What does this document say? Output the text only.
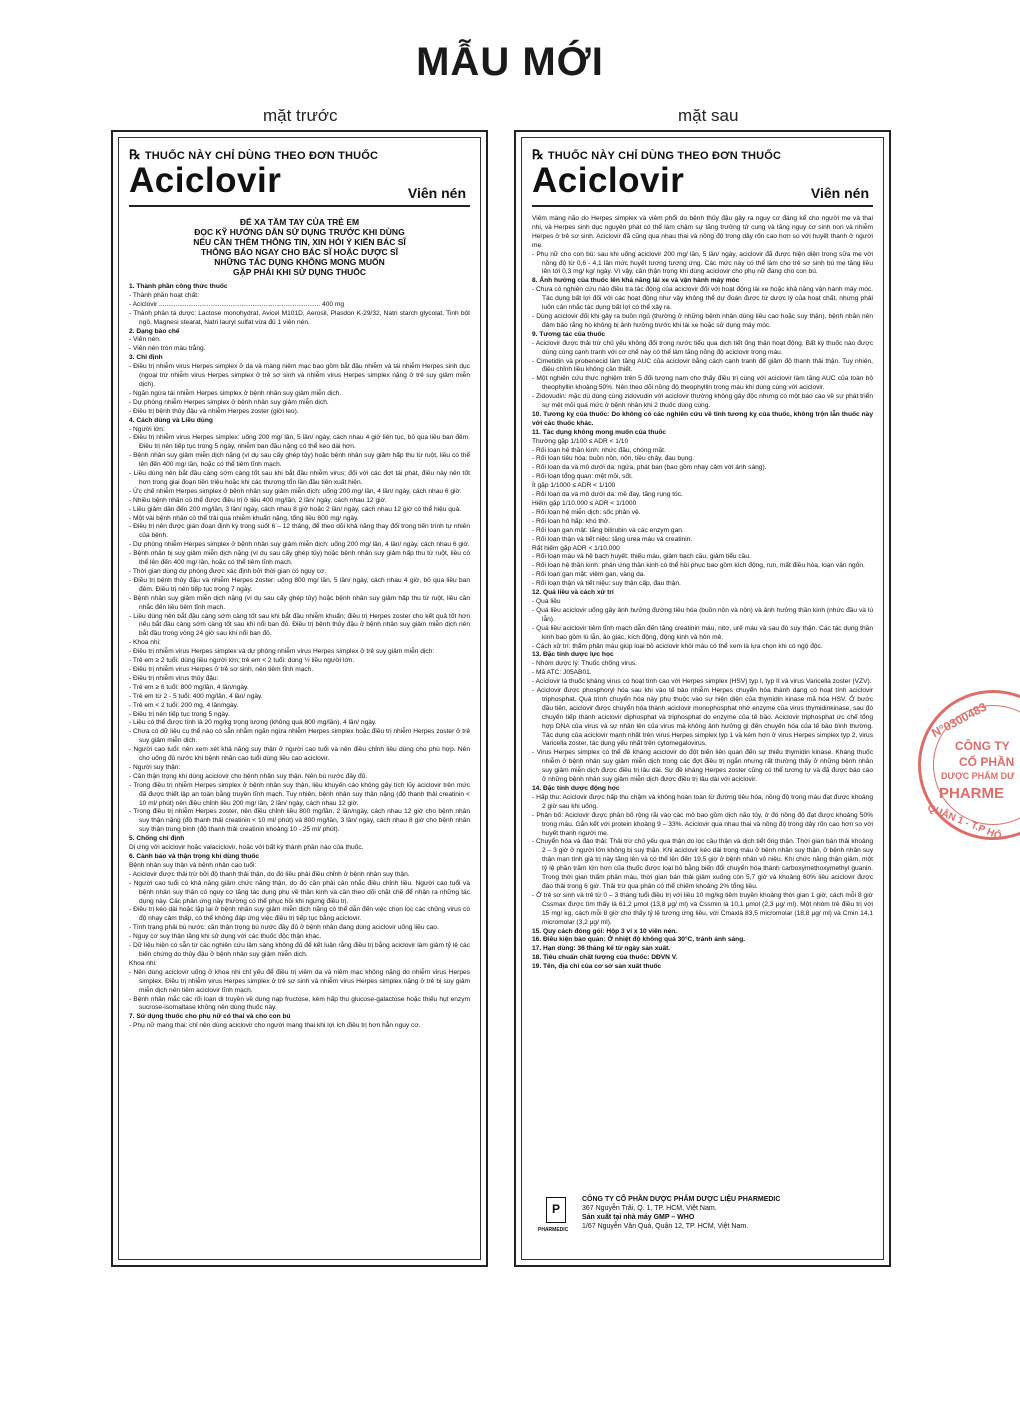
MẪU MỚI
mặt trước	mặt sau
℞ THUỐC NÀY CHỈ DÙNG THEO ĐƠN THUỐC
Aciclovir	Viên nén
ĐỂ XA TẦM TAY CỦA TRẺ EM
ĐỌC KỸ HƯỚNG DẪN SỬ DỤNG TRƯỚC KHI DÙNG
NẾU CẦN THÊM THÔNG TIN, XIN HỎI Ý KIẾN BÁC SĨ
THÔNG BÁO NGAY CHO BÁC SĨ HOẶC DƯỢC SĨ
NHỮNG TÁC DỤNG KHÔNG MONG MUỐN
GẶP PHẢI KHI SỬ DỤNG THUỐC

1. Thành phần công thức thuốc

- Thành phần hoạt chất:

- Aciclovir ........................................................................................ 400 mg

- Thành phần tá dược: Lactose monohydrat, Avicel M101D, Aerosil, Plasdon K-29/32, Natri starch glycolat, Tinh bột ngô, Magnesi stearat, Natri lauryl sulfat vừa đủ 1 viên nén.

2. Dạng bào chế

- Viên nén.

- Viên nén tròn màu trắng.

3. Chỉ định

- Điều trị nhiễm virus Herpes simplex ở da và màng niêm mạc bao gồm bắt đầu nhiễm và tái nhiễm Herpes sinh dục (ngoại trừ nhiễm virus Herpes simplex ở trẻ sơ sinh và nhiễm virus Herpes simplex nặng ở trẻ suy giảm miễn dịch).

- Ngăn ngừa tái nhiễm Herpes simplex ở bệnh nhân suy giảm miễn dịch.

- Dự phòng nhiễm Herpes simplex ở bệnh nhân suy giảm miễn dịch.

- Điều trị bệnh thủy đậu và nhiễm Herpes zoster (giời leo).

4. Cách dùng và Liều dùng

- Người lớn:

- Điều trị nhiễm virus Herpes simplex: uống 200 mg/ lần, 5 lần/ ngày, cách nhau 4 giờ liên tục, bỏ qua liều ban đêm. Điều trị nên tiếp tục trong 5 ngày, nhiễm ban đầu nặng có thể kéo dài hơn.

- Bệnh nhân suy giảm miễn dịch nặng (ví dụ sau cấy ghép tủy) hoặc bệnh nhân suy giảm hấp thu từ ruột, liều có thể lên đến 400 mg/ lần, hoặc có thể tiêm tĩnh mạch.

- Liều dùng nên bắt đầu càng sớm càng tốt sau khi bắt đầu nhiễm virus; đối với các đợt tái phát, điều này nên tốt hơn trong giai đoạn tiền triệu hoặc khi các thương tổn lần đầu tiên xuất hiện.

- Ức chế nhiễm Herpes simplex ở bệnh nhân suy giảm miễn dịch: uống 200 mg/ lần, 4 lần/ ngày, cách nhau 6 giờ.

- Nhiều bệnh nhân có thể được điều trị ở liều 400 mg/lần, 2 lần/ ngày, cách nhau 12 giờ.

- Liều giảm dần đến 200 mg/lần, 3 lần/ ngày, cách nhau 8 giờ hoặc 2 lần/ ngày, cách nhau 12 giờ có thể hiệu quả.

- Một vài bệnh nhân có thể trải qua nhiễm khuẩn nặng, tổng liều 800 mg/ ngày.

- Điều trị nên được gián đoạn định kỳ trong suốt 6 – 12 tháng, để theo dõi khả năng thay đổi trong tiến trình tự nhiên của bệnh.

- Dự phòng nhiễm Herpes simplex ở bệnh nhân suy giảm miễn dịch: uống 200 mg/ lần, 4 lần/ ngày, cách nhau 6 giờ.

- Bệnh nhân bị suy giảm miễn dịch nặng (ví dụ sau cấy ghép tủy) hoặc bệnh nhân suy giảm hấp thu từ ruột, liều có thể lên đến 400 mg/ lần, hoặc có thể tiêm tĩnh mạch.

- Thời gian dùng dự phòng được xác định bởi thời gian có nguy cơ.

- Điều trị bệnh thủy đậu và nhiễm Herpes zoster: uống 800 mg/ lần, 5 lần/ ngày, cách nhau 4 giờ, bỏ qua liều ban đêm. Điều trị nên tiếp tục trong 7 ngày.

- Bệnh nhân suy giảm miễn dịch nặng (ví dụ sau cấy ghép tủy) hoặc bệnh nhân suy giảm hấp thu từ ruột, liều cần nhắc đến liều tiêm tĩnh mạch.

- Liều dùng nên bắt đầu càng sớm càng tốt sau khi bắt đầu nhiễm khuẩn; điều trị Herpes zoster cho kết quả tốt hơn nếu bắt đầu càng sớm càng tốt sau khi nổi ban đỏ. Điều trị bệnh thủy đậu ở bệnh nhân suy giảm miễn dịch nên bắt đầu trong vòng 24 giờ sau khi nổi ban đỏ.

- Khoa nhi:

- Điều trị nhiễm virus Herpes simplex và dự phòng nhiễm virus Herpes simplex ở trẻ suy giảm miễn dịch:

- Trẻ em ≥ 2 tuổi: dùng liều người lớn; trẻ em < 2 tuổi: dùng ½ liều người lớn.

- Điều trị nhiễm virus Herpes ở trẻ sơ sinh, nên tiêm tĩnh mạch.

- Điều trị nhiễm virus thủy đậu:

- Trẻ em ≥ 6 tuổi: 800 mg/lần, 4 lần/ngày.

- Trẻ em từ 2 - 5 tuổi: 400 mg/lần, 4 lần/ ngày.

- Trẻ em < 2 tuổi: 200 mg, 4 lần/ngày.

- Điều trị nên tiếp tục trong 5 ngày.

- Liều có thể được tính là 20 mg/kg trọng lượng (không quá 800 mg/lần), 4 lần/ ngày.

- Chưa có dữ liệu cụ thể nào có sẵn nhằm ngăn ngừa nhiễm Herpes simplex hoặc điều trị nhiễm Herpes zoster ở trẻ suy giảm miễn dịch.

- Người cao tuổi: nên xem xét khả năng suy thận ở người cao tuổi và nên điều chỉnh liều dùng cho phù hợp. Nên cho uống đủ nước khi bệnh nhân cao tuổi dùng liều cao aciclovir.

- Người suy thận:

- Cần thận trọng khi dùng aciclovir cho bệnh nhân suy thận. Nên bù nước đầy đủ.

- Trong điều trị nhiễm Herpes simplex ở bệnh nhân suy thận, liều khuyến cáo không gây tích lũy aciclovir trên mức đã được thiết lập an toàn bằng truyền tĩnh mạch. Tuy nhiên, bệnh nhân suy thận nặng (độ thanh thải creatinin < 10 ml/ phút) nên điều chỉnh liều 200 mg/ lần, 2 lần/ ngày, cách nhau 12 giờ.

- Trong điều trị nhiễm Herpes zoster, nên điều chỉnh liều 800 mg/lần, 2 lần/ngày, cách nhau 12 giờ cho bệnh nhân suy thận nặng (độ thanh thải creatinin < 10 ml/ phút) và 800 mg/lần, 3 lần/ ngày, cách nhau 8 giờ cho bệnh nhân suy thận trung bình (độ thanh thải creatinin khoảng 10 - 25 ml/ phút).

5. Chống chỉ định

Dị ứng với aciclovir hoặc valaciclovir, hoặc với bất kỳ thành phần nào của thuốc.

6. Cảnh báo và thận trọng khi dùng thuốc

Bệnh nhân suy thận và bệnh nhân cao tuổi:

- Aciclovir được thải trừ bởi độ thanh thải thận, do đó liều phải điều chỉnh ở bệnh nhân suy thận.

- Người cao tuổi có khả năng giảm chức năng thận, do đó cần phải cân nhắc điều chỉnh liều. Người cao tuổi và bệnh nhân suy thận có nguy cơ tăng tác dụng phụ về thần kinh và cần theo dõi chặt chẽ để nhận ra những tác dụng này. Các phản ứng này thường có thể phục hồi khi ngưng điều trị.

- Điều trị kéo dài hoặc lặp lại ở bệnh nhân suy giảm miễn dịch nặng có thể dẫn đến việc chọn lọc các chủng virus có độ nhạy cảm thấp, có thể không đáp ứng việc điều trị tiếp tục bằng aciclovir.

- Tình trạng phải bù nước: cần thận trọng bù nước đầy đủ ở bệnh nhân đang dùng aciclovir uống liều cao.

- Nguy cơ suy thận tăng khi sử dụng với các thuốc độc thận khác.

- Dữ liệu hiện có sẵn từ các nghiên cứu lâm sàng không đủ để kết luận rằng điều trị bằng aciclovir làm giảm tỷ lệ các biến chứng do thủy đậu ở bệnh nhân suy giảm miễn dịch.

Khoa nhi:

- Nên dùng aciclovir uống ở khoa nhi chỉ yếu để điều trị viêm da và niêm mạc không nặng do nhiễm virus Herpes simplex. Điều trị nhiễm virus Herpes simplex ở trẻ sơ sinh và nhiễm virus Herpes simplex nặng ở trẻ bị suy giảm miễn dịch nên tiêm aciclovir tĩnh mạch.

- Bệnh nhân mắc các rối loạn di truyền về dung nạp fructose, kém hấp thu glucose-galactose hoặc thiếu hụt enzym sucrose-isomaltase không nên dùng thuốc này.

7. Sử dụng thuốc cho phụ nữ có thai và cho con bú

- Phụ nữ mang thai: chỉ nên dùng aciclovir cho người mang thai khi lợi ích điều trị hơn hẳn nguy cơ.

℞ THUỐC NÀY CHỈ DÙNG THEO ĐƠN THUỐC
Aciclovir	Viên nén

Viêm màng não do Herpes simplex và viêm phổi do bệnh thủy đậu gây ra nguy cơ đáng kể cho người mẹ và thai nhi, và Herpes sinh dục nguyên phát có thể làm chậm sự tăng trưởng tử cung và tăng nguy cơ sinh non và nhiễm Herpes ở trẻ sơ sinh. Aciclovir đã cũng qua nhau thai và nồng độ trong dây rốn cao hơn so với huyết thanh ở người mẹ.

- Phụ nữ cho con bú: sau khi uống aciclovir 200 mg/ lần, 5 lần/ ngày, aciclovir đã được hiện diện trong sữa mẹ với nồng độ từ 0,6 - 4,1 lần mức huyết tương tương ứng. Các mức này có thể làm cho trẻ sơ sinh bú mẹ tăng liều lên tới 0,3 mg/ kg/ ngày. Vì vậy, cần thận trọng khi dùng aciclovir cho phụ nữ đang cho con bú.

8. Ảnh hưởng của thuốc lên khả năng lái xe và vận hành máy móc

- Chưa có nghiên cứu nào điều tra tác động của aciclovir đối với hoạt động lái xe hoặc khả năng vận hành máy móc. Tác dụng bất lợi đối với các hoạt động như vậy không thể dự đoán được từ dược lý của hoạt chất, nhưng phải luôn cân nhắc tác dụng bất lợi có thể xảy ra.

- Dùng aciclovir đối khi gây ra buồn ngủ (thường ở những bệnh nhân dùng liều cao hoặc suy thận), bệnh nhân nên đảm bảo rằng họ không bị ảnh hưởng trước khi lái xe hoặc sử dụng máy móc.

9. Tương tác của thuốc

- Aciclovir được thải trừ chủ yếu không đổi trong nước tiểu qua dịch tiết ống thận hoạt động. Bất kỳ thuốc nào được dùng cùng cạnh tranh với cơ chế này có thể làm tăng nồng độ aciclovir trong máu.

- Cimetidin và probenecid làm tăng AUC của aciclovir bằng cách cạnh tranh để giảm độ thanh thải thận. Tuy nhiên, điều chỉnh liều không cần thiết.

- Một nghiên cứu thực nghiệm trên 5 đối tượng nam cho thấy điều trị cùng với aciclovir làm tăng AUC của toàn bộ theophyllin khoảng 50%. Nên theo dõi nồng độ theophyllin trong máu khi dùng cùng với aciclovir.

- Zidovudin: mặc dù dùng cùng zidovudin với aciclovir thường không gây độc nhưng có một báo cáo về sự phát triển sự mệt mỏi quá mức ở bệnh nhân khi 2 thuốc dùng cùng.

10. Tương kỵ của thuốc: Do không có các nghiên cứu về tính tương kỵ của thuốc, không trộn lẫn thuốc này với các thuốc khác.

11. Tác dụng không mong muốn của thuốc

Thường gặp 1/100 ≤ ADR < 1/10

- Rối loạn hệ thần kinh: nhức đầu, chóng mặt.

- Rối loạn tiêu hóa: buồn nôn, nôn, tiêu chảy, đau bụng.

- Rối loạn da và mô dưới da: ngứa, phát ban (bao gồm nhạy cảm với ánh sáng).

- Rối loạn tổng quan: mệt mỏi, sốt.

Ít gặp 1/1000 ≤ ADR < 1/100

- Rối loạn da và mô dưới da: mề đay, tăng rụng tóc.

Hiếm gặp 1/10.000 ≤ ADR < 1/1000

- Rối loạn hệ miễn dịch: sốc phản vệ.

- Rối loạn hô hấp: khó thở.

- Rối loạn gan mật: tăng bilirubin và các enzym gan.

- Rối loạn thận và tiết niệu: tăng urea máu và creatinin.

Rất hiếm gặp ADR < 1/10.000

- Rối loạn máu và hệ bạch huyết: thiếu máu, giảm bạch cầu, giảm tiểu cầu.

- Rối loạn hệ thần kinh: phản ứng thần kinh có thể hồi phục bao gồm kích động, run, mất điều hòa, loạn vận ngôn.

- Rối loạn gan mật: viêm gan, vàng da.

- Rối loạn thận và tiết niệu: suy thận cấp, đau thận.

12. Quá liều và cách xử trí

- Quá liều

- Quá liều aciclovir uống gây ảnh hưởng đường tiêu hóa (buồn nôn và nôn) và ảnh hưởng thần kinh (nhức đầu và lú lẫn).

- Quá liều aciclovir tiêm tĩnh mạch dẫn đến tăng creatinin máu, nitơ, urê máu và sau đó suy thận. Các tác dụng thần kinh bao gồm lú lẫn, ảo giác, kích động, động kinh và hôn mê.

- Cách xử trí: thẩm phân máu giúp loại bỏ aciclovir khỏi máu có thể xem là lựa chọn khi có ngộ độc.

13. Đặc tính dược lực học

- Nhóm dược lý: Thuốc chống virus.

- Mã ATC: J05AB01.

- Aciclovir là thuốc kháng virus có hoạt tính cao với Herpes simplex (HSV) typ I, typ II và virus Varicella zoster (VZV).

- Aciclovir được phosphoryl hóa sau khi vào tế bào nhiễm Herpes chuyển hóa thành dạng có hoạt tính aciclovir triphosphat. Quá trình chuyển hóa này phụ thuộc vào sự hiện diện của thymidin kinase mã hóa HSV. Ở bước đầu tiên, aciclovir được chuyển hóa thành aciclovir monophosphat nhờ enzyme của virus thymidinkinase, sau đó chuyển tiếp thành aciclovir diphosphat và triphosphat do enzyme của tế bào. Aciclovir triphosphat ức chế tổng hợp DNA của virus và sự nhân lên của virus mà không ảnh hưởng gì đến chuyển hóa của tế bào bình thường. Tác dụng của aciclovir mạnh nhất trên virus Herpes simplex typ 1 và kém hơn ở virus Herpes simplex typ 2, virus Varicella zoster, tác dụng yếu nhất trên cytomegalovirus.

- Virus Herpes simplex có thể đề kháng aciclovir do đột biến liên quan đến sự thiếu thymidin kinase. Kháng thuốc nhiễm ở bệnh nhân suy giảm miễn dịch trong các đợt điều trị ngắn nhưng rất thường thấy ở những bệnh nhân suy giảm miễn dịch được điều trị lâu dài. Sự đề kháng Herpes zoster cũng có thể tương tự và đã được báo cáo ở những bệnh nhân suy giảm miễn dịch được điều trị lâu dài với aciclovir.

14. Đặc tính dược động học

- Hấp thu: Aciclovir được hấp thu chậm và không hoàn toàn từ đường tiêu hóa, nồng độ trong máu đạt được khoảng 2 giờ sau khi uống.

- Phân bố: Aciclovir được phân bố rộng rãi vào các mô bao gồm dịch não tủy, ở đó nồng độ đạt được khoảng 50% trong máu. Gắn kết với protein khoảng 9 – 33%. Aciclovir qua nhau thai và nồng độ trong dây rốn cao hơn so với huyết thanh người mẹ.

- Chuyển hóa và đào thải: Thải trừ chủ yếu qua thận do lọc cầu thận và dịch tiết ống thận. Thời gian bán thải khoảng 2 – 3 giờ ở người lớn không bị suy thận. Khi aciclovir kéo dài trong máu ở bệnh nhân suy thận, ở bệnh nhân suy thận mạn tính giá trị này tăng lên và có thể lên đến 19,5 giờ ở bệnh nhân vô niệu. Khi chức năng thận giảm, một tỷ lệ phần trăm lớn hơn của thuốc được loại bỏ bằng biến đổi chuyển hóa thành carboxymethoxymethyl guanin. Trong thời gian thẩm phân máu, thời gian bán thải giảm xuống còn 5,7 giờ và khoảng 60% liều aciclovir được đào thải trong 6 giờ. Thải trừ qua phân có thể chiếm khoảng 2% tổng liều.

- Ở trẻ sơ sinh và trẻ từ 0 – 3 tháng tuổi điều trị với liều 10 mg/kg tiêm truyền khoảng thời gian 1 giờ, cách mỗi 8 giờ Cssmax được tìm thấy là 61,2 μmol (13,8 μg/ ml) và Cssmin là 10,1 μmol (2,3 μg/ ml). Một nhóm trẻ điều trị với 15 mg/ kg, cách mỗi 8 giờ cho thấy tỷ lệ tương ứng liều, với Cmaxlà 83,5 micromolar (18,8 μg/ ml) và Cmin 14,1 micromolar (3,2 μg/ ml).

15. Quy cách đóng gói: Hộp 3 vỉ x 10 viên nén.

16. Điều kiện bảo quản: Ở nhiệt độ không quá 30°C, tránh ánh sáng.

17. Hạn dùng: 36 tháng kể từ ngày sản xuất.

18. Tiêu chuẩn chất lượng của thuốc: DĐVN V.

19. Tên, địa chỉ của cơ sở sản xuất thuốc

P
PHARMEDIC
CÔNG TY CỔ PHẦN DƯỢC PHẨM DƯỢC LIỆU PHARMEDIC
367 Nguyễn Trãi, Q. 1, TP. HCM, Việt Nam.
Sản xuất tại nhà máy GMP – WHO
1/67 Nguyễn Văn Quá, Quận 12, TP. HCM, Việt Nam.
N°0300483
CÔNG TY
CỔ PHẦN
DƯỢC PHẨM DƯ
PHARME
QUẬN 1 - T.P HỒ
